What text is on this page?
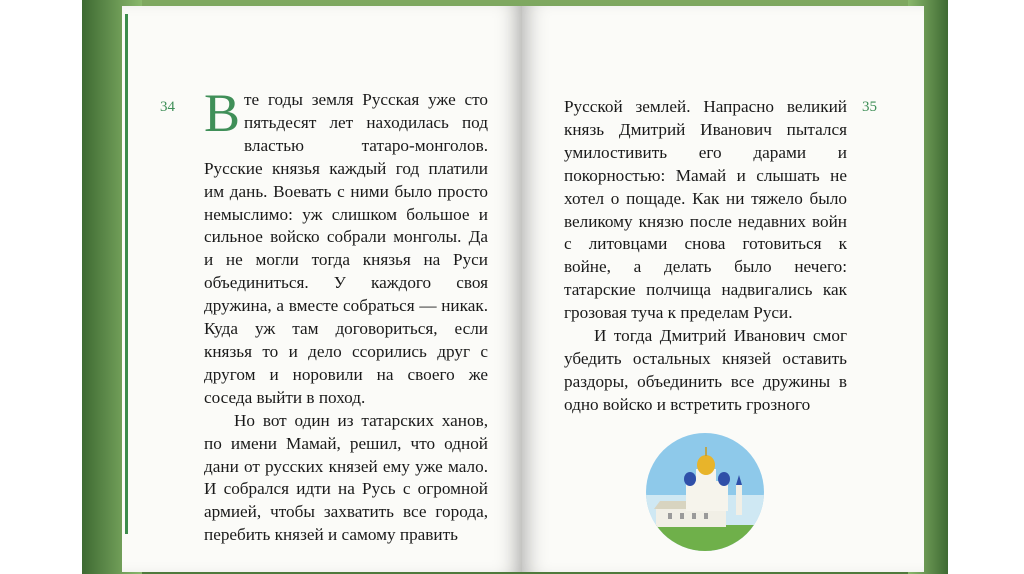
34	35

В те годы земля Русская уже сто пятьдесят лет находилась под властью татаро-монголов. Русские князья каждый год платили им дань. Воевать с ними было просто немыслимо: уж слишком большое и сильное войско собрали монголы. Да и не могли тогда князья на Руси объединиться. У каждого своя дружина, а вместе собраться — никак. Куда уж там договориться, если князья то и дело ссорились друг с другом и норовили на своего же соседа выйти в поход.

Но вот один из татарских ханов, по имени Мамай, решил, что одной дани от русских князей ему уже мало. И собрался идти на Русь с огромной армией, чтобы захватить все города, перебить князей и самому править

Русской землей. Напрасно великий князь Дмитрий Иванович пытался умилостивить его дарами и покорностью: Мамай и слышать не хотел о пощаде. Как ни тяжело было великому князю после недавних войн с литовцами снова готовиться к войне, а делать было нечего: татарские полчища надвигались как грозовая туча к пределам Руси.

И тогда Дмитрий Иванович смог убедить остальных князей оставить раздоры, объединить все дружины в одно войско и встретить грозного
